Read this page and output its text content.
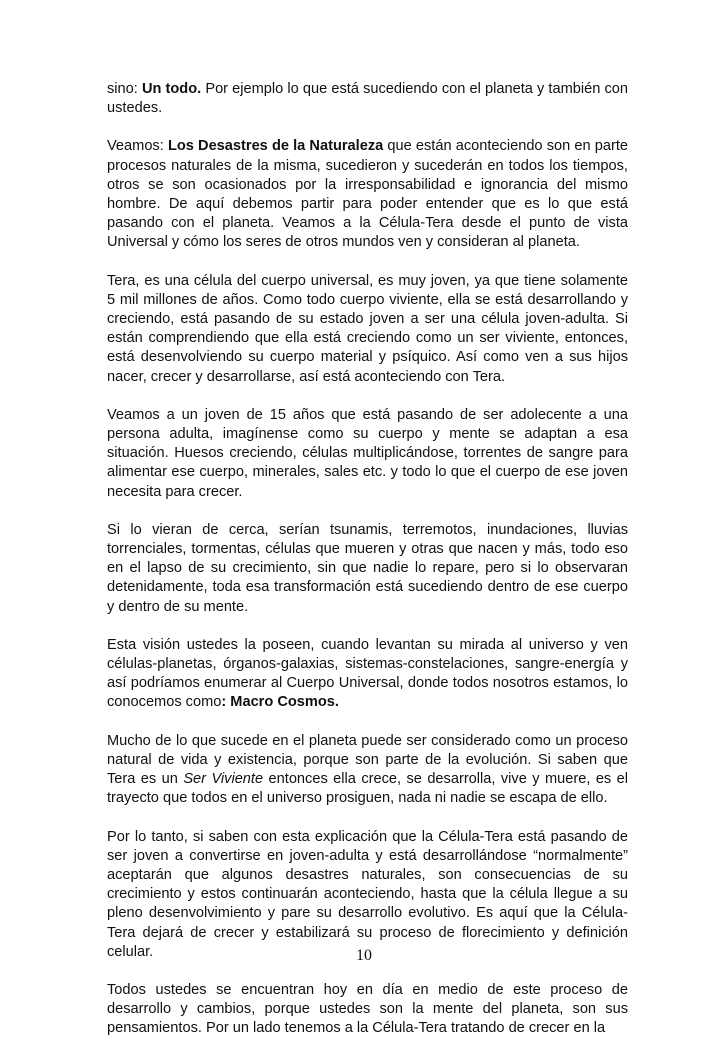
sino: Un todo. Por ejemplo lo que está sucediendo con el planeta y también con ustedes.

Veamos: Los Desastres de la Naturaleza que están aconteciendo son en parte procesos naturales de la misma, sucedieron y sucederán en todos los tiempos, otros se son ocasionados por la irresponsabilidad e ignorancia del mismo hombre. De aquí debemos partir para poder entender que es lo que está pasando con el planeta. Veamos a la Célula-Tera desde el punto de vista Universal y cómo los seres de otros mundos ven y consideran al planeta.

Tera, es una célula del cuerpo universal, es muy joven, ya que tiene solamente 5 mil millones de años. Como todo cuerpo viviente, ella se está desarrollando y creciendo, está pasando de su estado joven a ser una célula joven-adulta. Si están comprendiendo que ella está creciendo como un ser viviente, entonces, está desenvolviendo su cuerpo material y psíquico. Así como ven a sus hijos nacer, crecer y desarrollarse, así está aconteciendo con Tera.

Veamos a un joven de 15 años que está pasando de ser adolecente a una persona adulta, imagínense como su cuerpo y mente se adaptan a esa situación. Huesos creciendo, células multiplicándose, torrentes de sangre para alimentar ese cuerpo, minerales, sales etc. y todo lo que el cuerpo de ese joven necesita para crecer.

Si lo vieran de cerca, serían tsunamis, terremotos, inundaciones, lluvias torrenciales, tormentas, células que mueren y otras que nacen y más, todo eso en el lapso de su crecimiento, sin que nadie lo repare, pero si lo observaran detenidamente, toda esa transformación está sucediendo dentro de ese cuerpo y dentro de su mente.

Esta visión ustedes la poseen, cuando levantan su mirada al universo y ven células-planetas, órganos-galaxias, sistemas-constelaciones, sangre-energía y así podríamos enumerar al Cuerpo Universal, donde todos nosotros estamos, lo conocemos como: Macro Cosmos.

Mucho de lo que sucede en el planeta puede ser considerado como un proceso natural de vida y existencia, porque son parte de la evolución. Si saben que Tera es un Ser Viviente entonces ella crece, se desarrolla, vive y muere, es el trayecto que todos en el universo prosiguen, nada ni nadie se escapa de ello.

Por lo tanto, si saben con esta explicación que la Célula-Tera está pasando de ser joven a convertirse en joven-adulta y está desarrollándose “normalmente” aceptarán que algunos desastres naturales, son consecuencias de su crecimiento y estos continuarán aconteciendo, hasta que la célula llegue a su pleno desenvolvimiento y pare su desarrollo evolutivo. Es aquí que la Célula-Tera dejará de crecer y estabilizará su proceso de florecimiento y definición celular.

Todos ustedes se encuentran hoy en día en medio de este proceso de desarrollo y cambios, porque ustedes son la mente del planeta, son sus pensamientos. Por un lado tenemos a la Célula-Tera tratando de crecer en la

10
